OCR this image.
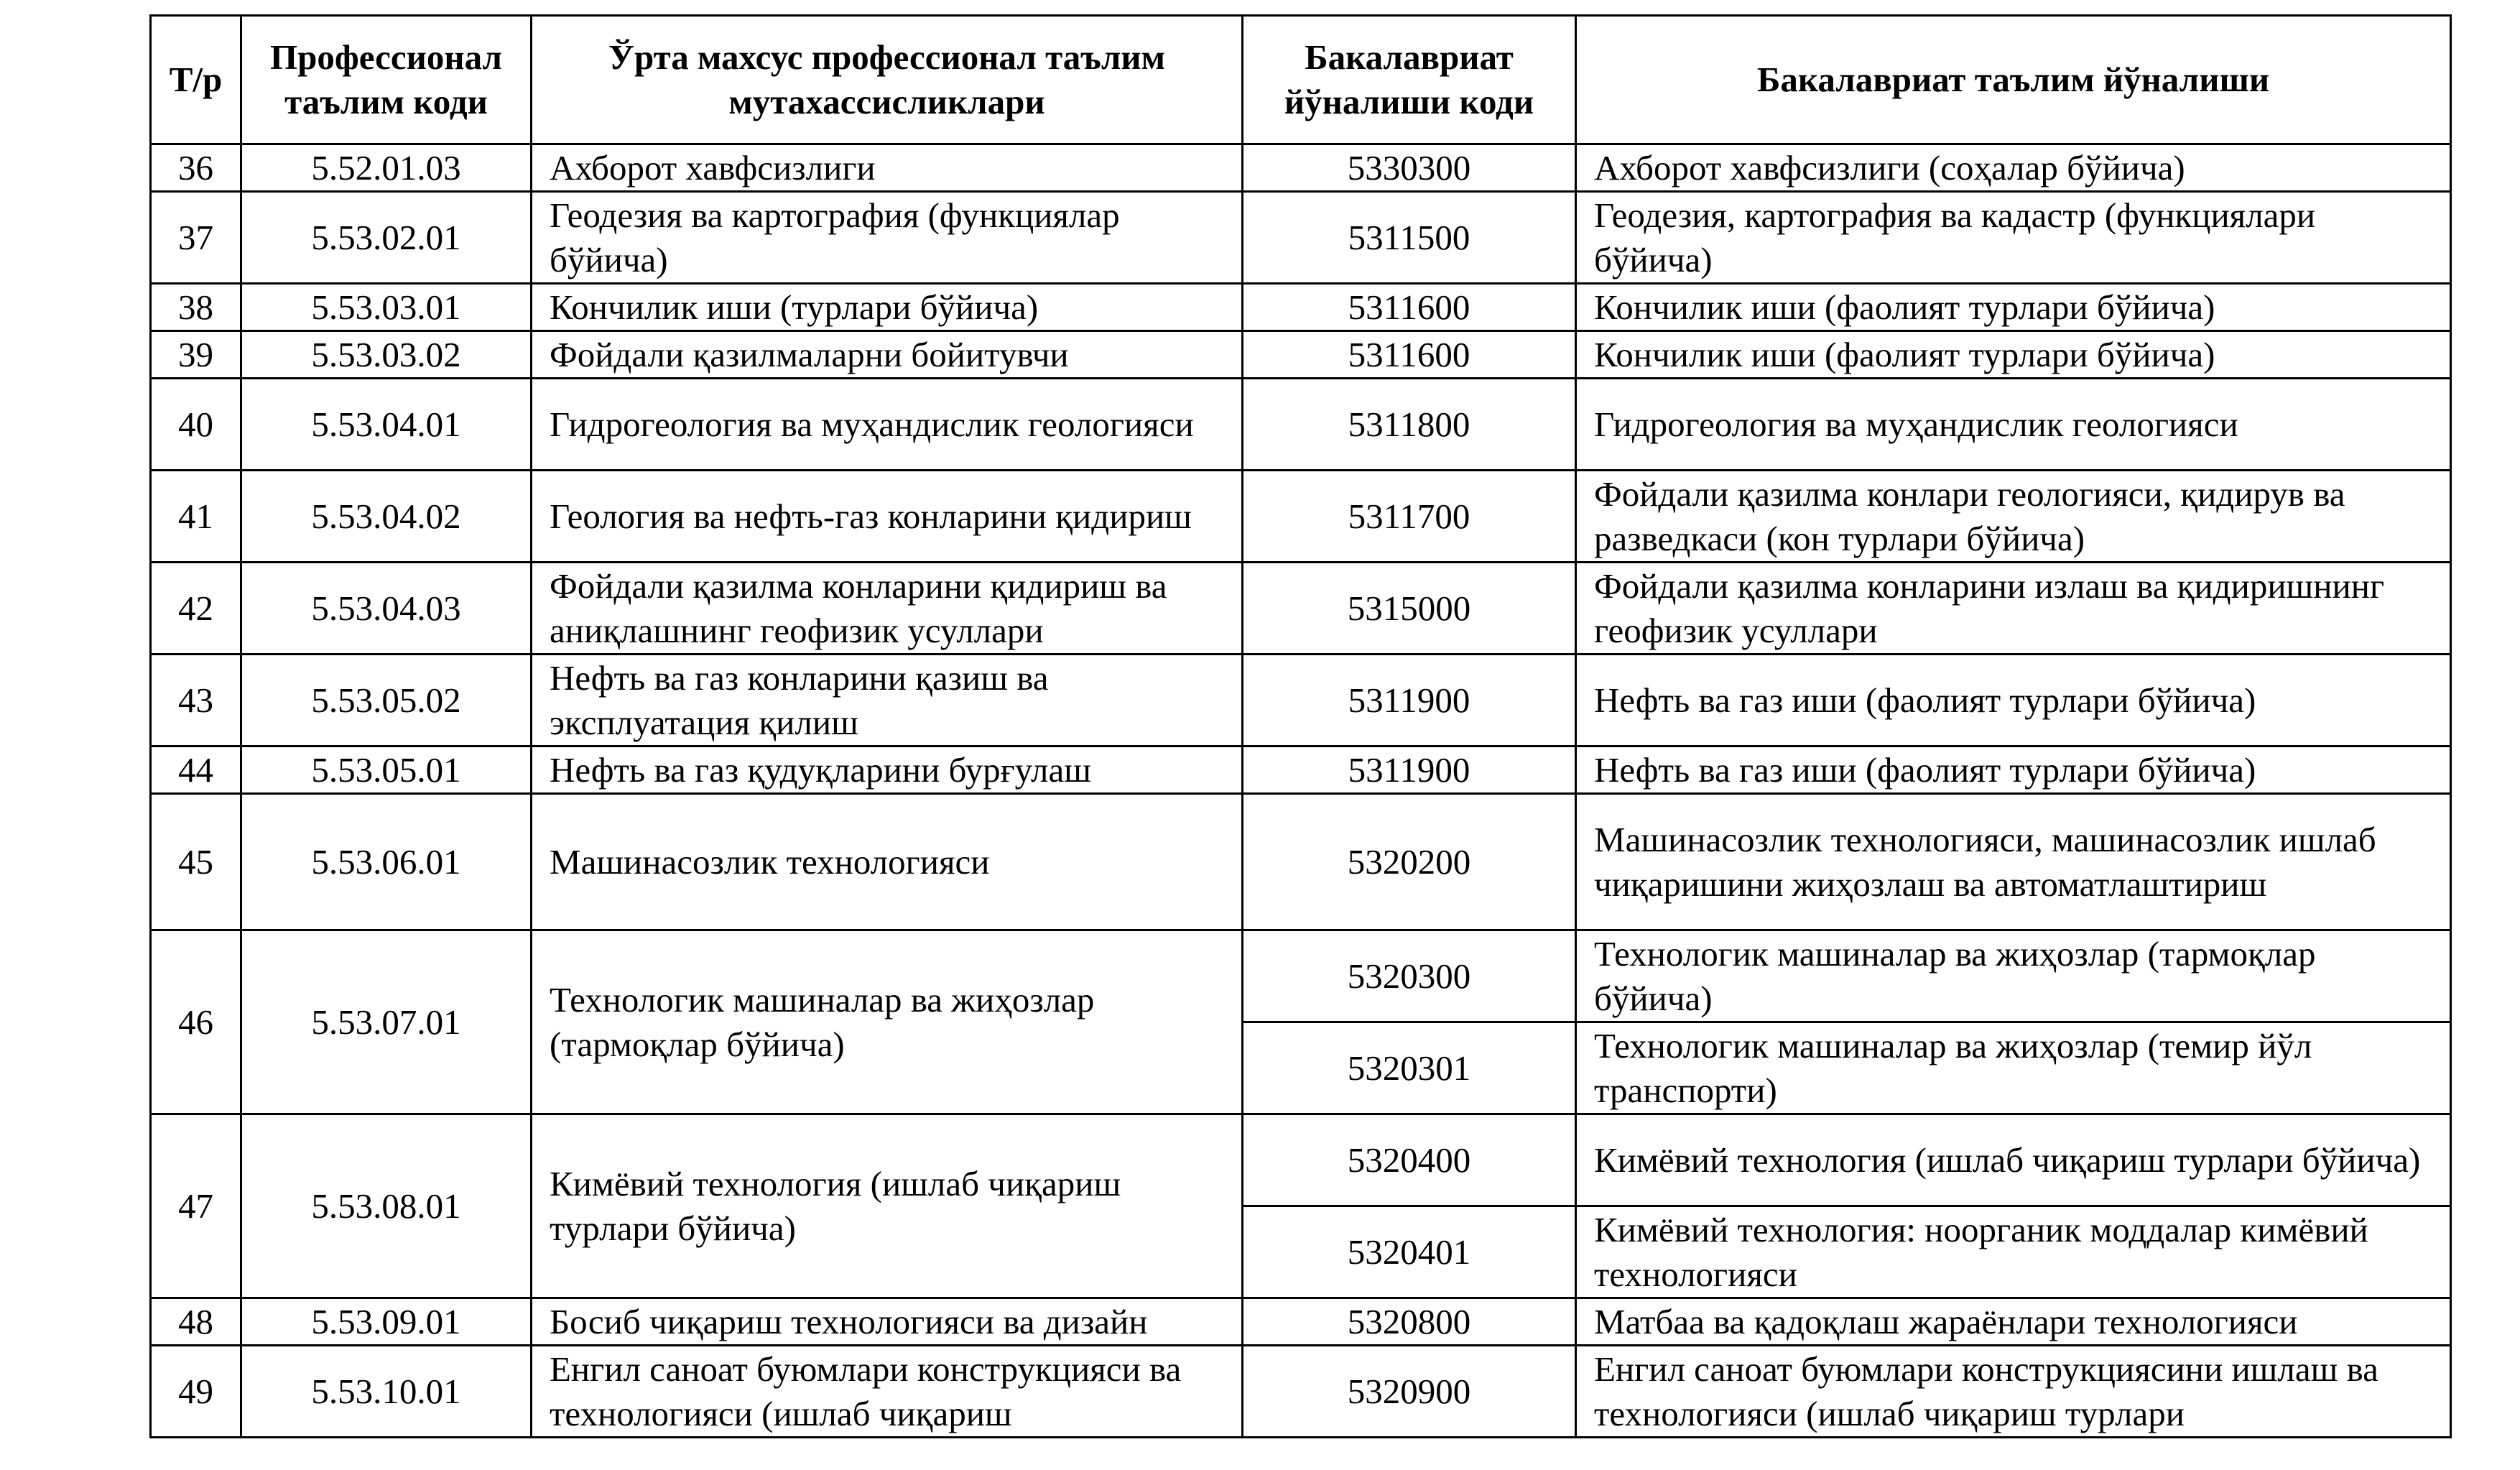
Т/р	Профессионал таълим коди	Ўрта махсус профессионал таълим мутахассисликлари	Бакалавриат йўналиши коди	Бакалавриат таълим йўналиши
36	5.52.01.03	Ахборот хавфсизлиги	5330300	Ахборот хавфсизлиги (соҳалар бўйича)
37	5.53.02.01	Геодезия ва картография (функциялар бўйича)	5311500	Геодезия, картография ва кадастр (функциялари бўйича)
38	5.53.03.01	Кончилик иши (турлари бўйича)	5311600	Кончилик иши (фаолият турлари бўйича)
39	5.53.03.02	Фойдали қазилмаларни бойитувчи	5311600	Кончилик иши (фаолият турлари бўйича)
40	5.53.04.01	Гидрогеология ва муҳандислик геологияси	5311800	Гидрогеология ва муҳандислик геологияси
41	5.53.04.02	Геология ва нефть-газ конларини қидириш	5311700	Фойдали қазилма конлари геологияси, қидирув ва разведкаси (кон турлари бўйича)
42	5.53.04.03	Фойдали қазилма конларини қидириш ва аниқлашнинг геофизик усуллари	5315000	Фойдали қазилма конларини излаш ва қидиришнинг геофизик усуллари
43	5.53.05.02	Нефть ва газ конларини қазиш ва эксплуатация қилиш	5311900	Нефть ва газ иши (фаолият турлари бўйича)
44	5.53.05.01	Нефть ва газ қудуқларини бурғулаш	5311900	Нефть ва газ иши (фаолият турлари бўйича)
45	5.53.06.01	Машинасозлик технологияси	5320200	Машинасозлик технологияси, машинасозлик ишлаб чиқаришини жиҳозлаш ва автоматлаштириш
46	5.53.07.01	Технологик машиналар ва жиҳозлар (тармоқлар бўйича)	5320300	Технологик машиналар ва жиҳозлар (тармоқлар бўйича)
			5320301	Технологик машиналар ва жиҳозлар (темир йўл транспорти)
47	5.53.08.01	Кимёвий технология (ишлаб чиқариш турлари бўйича)	5320400	Кимёвий технология (ишлаб чиқариш турлари бўйича)
			5320401	Кимёвий технология: ноорганик моддалар кимёвий технологияси
48	5.53.09.01	Босиб чиқариш технологияси ва дизайн	5320800	Матбаа ва қадоқлаш жараёнлари технологияси
49	5.53.10.01	Енгил саноат буюмлари конструкцияси ва технологияси (ишлаб чиқариш	5320900	Енгил саноат буюмлари конструкциясини ишлаш ва технологияси (ишлаб чиқариш турлари
